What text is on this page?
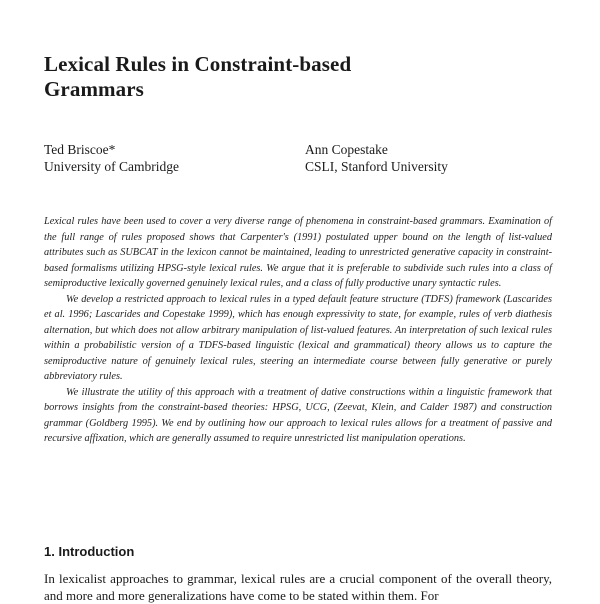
Lexical Rules in Constraint-based
Grammars
Ted Briscoe*
University of Cambridge
Ann Copestake
CSLI, Stanford University

Lexical rules have been used to cover a very diverse range of phenomena in constraint-based grammars. Examination of the full range of rules proposed shows that Carpenter's (1991) postulated upper bound on the length of list-valued attributes such as SUBCAT in the lexicon cannot be maintained, leading to unrestricted generative capacity in constraint-based formalisms utilizing HPSG-style lexical rules. We argue that it is preferable to subdivide such rules into a class of semiproductive lexically governed genuinely lexical rules, and a class of fully productive unary syntactic rules.

We develop a restricted approach to lexical rules in a typed default feature structure (TDFS) framework (Lascarides et al. 1996; Lascarides and Copestake 1999), which has enough expressivity to state, for example, rules of verb diathesis alternation, but which does not allow arbitrary manipulation of list-valued features. An interpretation of such lexical rules within a probabilistic version of a TDFS-based linguistic (lexical and grammatical) theory allows us to capture the semiproductive nature of genuinely lexical rules, steering an intermediate course between fully generative or purely abbreviatory rules.

We illustrate the utility of this approach with a treatment of dative constructions within a linguistic framework that borrows insights from the constraint-based theories: HPSG, UCG, (Zeevat, Klein, and Calder 1987) and construction grammar (Goldberg 1995). We end by outlining how our approach to lexical rules allows for a treatment of passive and recursive affixation, which are generally assumed to require unrestricted list manipulation operations.

1. Introduction

In lexicalist approaches to grammar, lexical rules are a crucial component of the overall theory, and more and more generalizations have come to be stated within them. For
